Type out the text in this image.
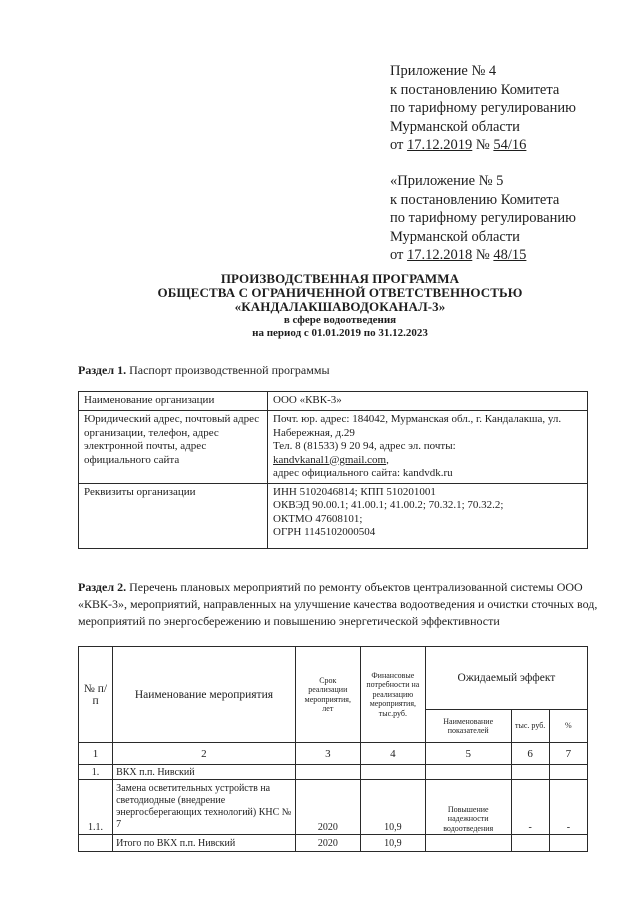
Приложение № 4
к постановлению Комитета
по тарифному регулированию
Мурманской области
от 17.12.2019 № 54/16
«Приложение № 5
к постановлению Комитета
по тарифному регулированию
Мурманской области
от 17.12.2018 № 48/15
ПРОИЗВОДСТВЕННАЯ ПРОГРАММА
ОБЩЕСТВА С ОГРАНИЧЕННОЙ ОТВЕТСТВЕННОСТЬЮ
«КАНДАЛАКШАВОДОКАНАЛ-3»
в сфере водоотведения
на период с 01.01.2019 по 31.12.2023
Раздел 1. Паспорт производственной программы
Наименование организации	ООО «КВК-3»
Юридический адрес, почтовый адрес организации, телефон, адрес электронной почты, адрес официального сайта	Почт. юр. адрес: 184042, Мурманская обл., г. Кандалакша, ул. Набережная, д.29
Тел. 8 (81533) 9 20 94, адрес эл. почты:
kandvkanal1@gmail.com,
адрес официального сайта: kandvdk.ru

Реквизиты организации	ИНН 5102046814; КПП 510201001
ОКВЭД 90.00.1; 41.00.1; 41.00.2; 70.32.1; 70.32.2;
ОКТМО 47608101;
ОГРН 1145102000504
Раздел 2. Перечень плановых мероприятий по ремонту объектов централизованной системы ООО «КВК-3», мероприятий, направленных на улучшение качества водоотведения и очистки сточных вод, мероприятий по энергосбережению и повышению энергетической эффективности
№ п/п	Наименование мероприятия	Срок реализации мероприятия, лет	Финансовые потребности на реализацию мероприятия, тыс.руб.	Ожидаемый эффект		
				Наименование показателей	тыс. руб.	%
1	2	3	4	5	6	7
1.	ВКХ п.п. Нивский					
1.1.	Замена осветительных устройств на светодиодные (внедрение энергосберегающих технологий) КНС № 7	2020	10,9	Повышение надежности водоотведения	-	-
	Итого по ВКХ п.п. Нивский	2020	10,9			
